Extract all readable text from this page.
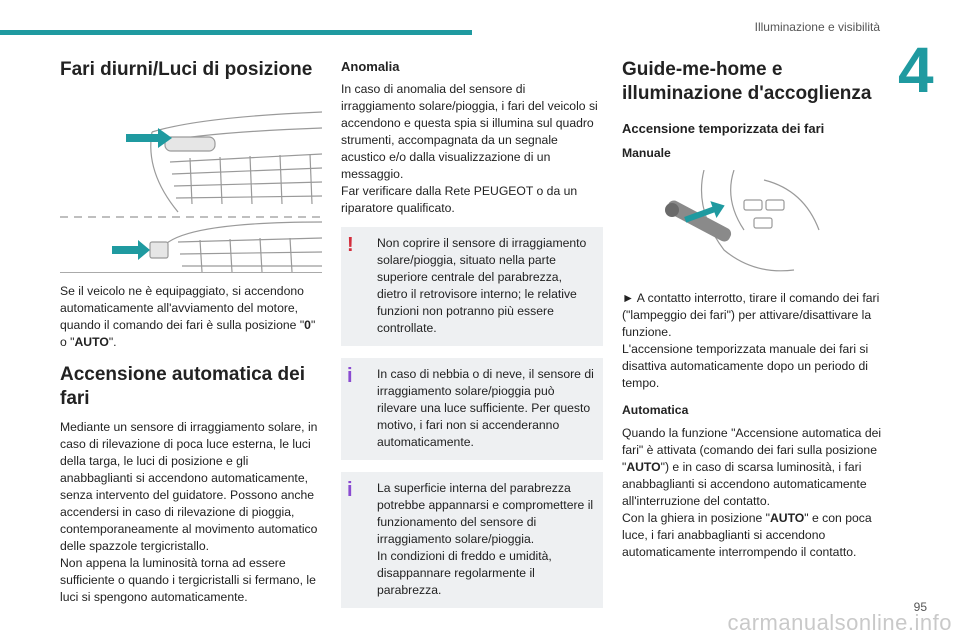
Illuminazione e visibilità
4
Fari diurni/Luci di posizione

Se il veicolo ne è equipaggiato, si accendono automaticamente all'avviamento del motore, quando il comando dei fari è sulla posizione "0" o "AUTO".

Accensione automatica dei fari

Mediante un sensore di irraggiamento solare, in caso di rilevazione di poca luce esterna, le luci della targa, le luci di posizione e gli anabbaglianti si accendono automaticamente, senza intervento del guidatore. Possono anche accendersi in caso di rilevazione di pioggia, contemporaneamente al movimento automatico delle spazzole tergicristallo.
Non appena la luminosità torna ad essere sufficiente o quando i tergicristalli si fermano, le luci si spengono automaticamente.

Anomalia

In caso di anomalia del sensore di irraggiamento solare/pioggia, i fari del veicolo si accendono e questa spia si illumina sul quadro strumenti, accompagnata da un segnale acustico e/o dalla visualizzazione di un messaggio.
Far verificare dalla Rete PEUGEOT o da un riparatore qualificato.

!	Non coprire il sensore di irraggiamento solare/pioggia, situato nella parte superiore centrale del parabrezza, dietro il retrovisore interno; le relative funzioni non potranno più essere controllate.

i	In caso di nebbia o di neve, il sensore di irraggiamento solare/pioggia può rilevare una luce sufficiente. Per questo motivo, i fari non si accenderanno automaticamente.

i	La superficie interna del parabrezza potrebbe appannarsi e compromettere il funzionamento del sensore di irraggiamento solare/pioggia.
In condizioni di freddo e umidità, disappannare regolarmente il parabrezza.

Guide-me-home e illuminazione d'accoglienza
Accensione temporizzata dei fari
Manuale

► A contatto interrotto, tirare il comando dei fari ("lampeggio dei fari") per attivare/disattivare la funzione.
L'accensione temporizzata manuale dei fari si disattiva automaticamente dopo un periodo di tempo.

Automatica

Quando la funzione "Accensione automatica dei fari" è attivata (comando dei fari sulla posizione "AUTO") e in caso di scarsa luminosità, i fari anabbaglianti si accendono automaticamente all'interruzione del contatto.
Con la ghiera in posizione "AUTO" e con poca luce, i fari anabbaglianti si accendono automaticamente interrompendo il contatto.

95
carmanualsonline.info
